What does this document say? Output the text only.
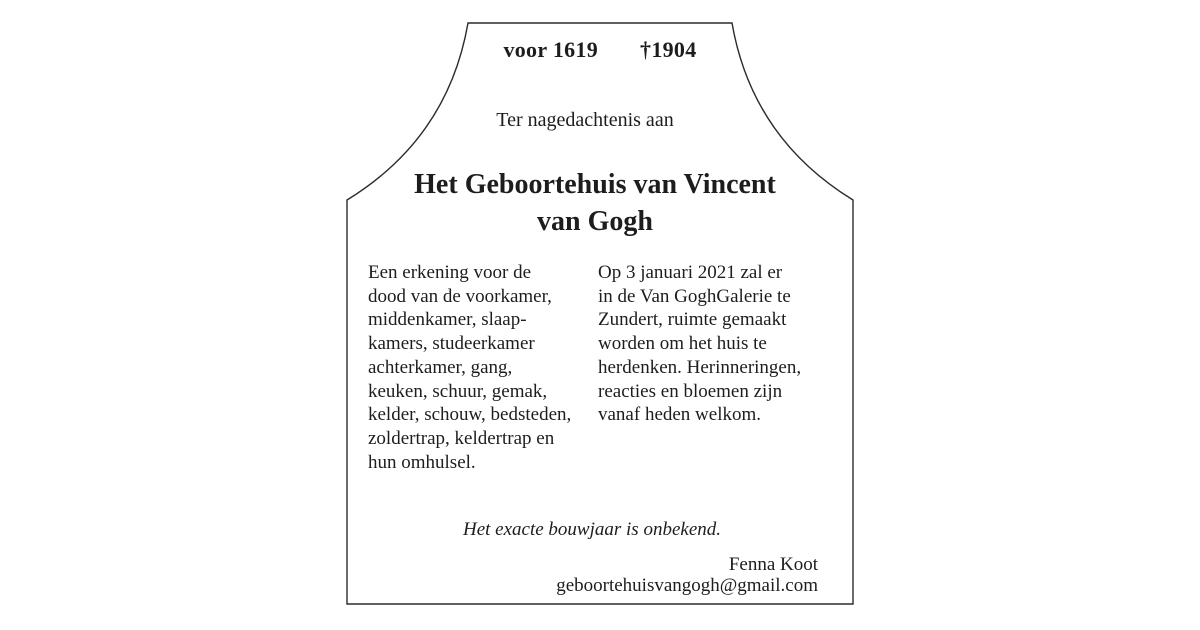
voor 1619 †1904
Ter nagedachtenis aan
Het Geboortehuis van Vincent
van Gogh
Een erkening voor de
dood van de voorkamer,
middenkamer, slaap-
kamers, studeerkamer
achterkamer, gang,
keuken, schuur, gemak,
kelder, schouw, bedsteden,
zoldertrap, keldertrap en
hun omhulsel.
Op 3 januari 2021 zal er
in de Van GoghGalerie te
Zundert, ruimte gemaakt
worden om het huis te
herdenken. Herinneringen,
reacties en bloemen zijn
vanaf heden welkom.
Het exacte bouwjaar is onbekend.
Fenna Koot
geboortehuisvangogh@gmail.com
